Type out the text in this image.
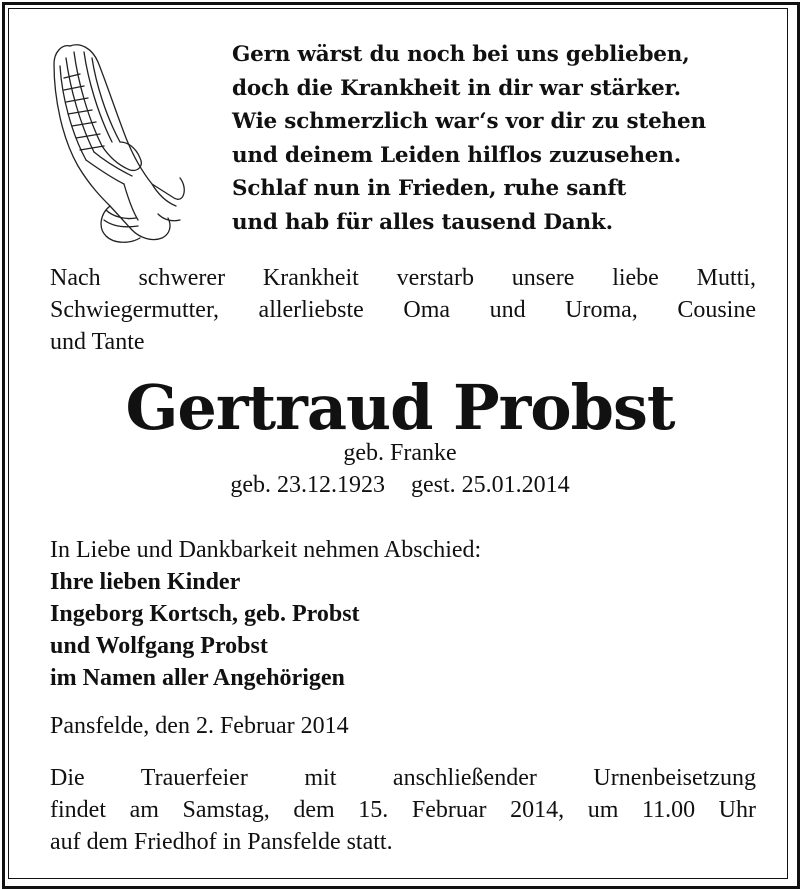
Gern wärst du noch bei uns geblieben,
doch die Krankheit in dir war stärker.
Wie schmerzlich war‘s vor dir zu stehen
und deinem Leiden hilflos zuzusehen.
Schlaf nun in Frieden, ruhe sanft
und hab für alles tausend Dank.
Nach schwerer Krankheit verstarb unsere liebe Mutti,
Schwiegermutter, allerliebste Oma und Uroma, Cousine
und Tante
Gertraud Probst
geb. Franke
geb. 23.12.1923 gest. 25.01.2014
In Liebe und Dankbarkeit nehmen Abschied:
Ihre lieben Kinder
Ingeborg Kortsch, geb. Probst
und Wolfgang Probst
im Namen aller Angehörigen
Pansfelde, den 2. Februar 2014
Die Trauerfeier mit anschließender Urnenbeisetzung
findet am Samstag, dem 15. Februar 2014, um 11.00 Uhr
auf dem Friedhof in Pansfelde statt.
